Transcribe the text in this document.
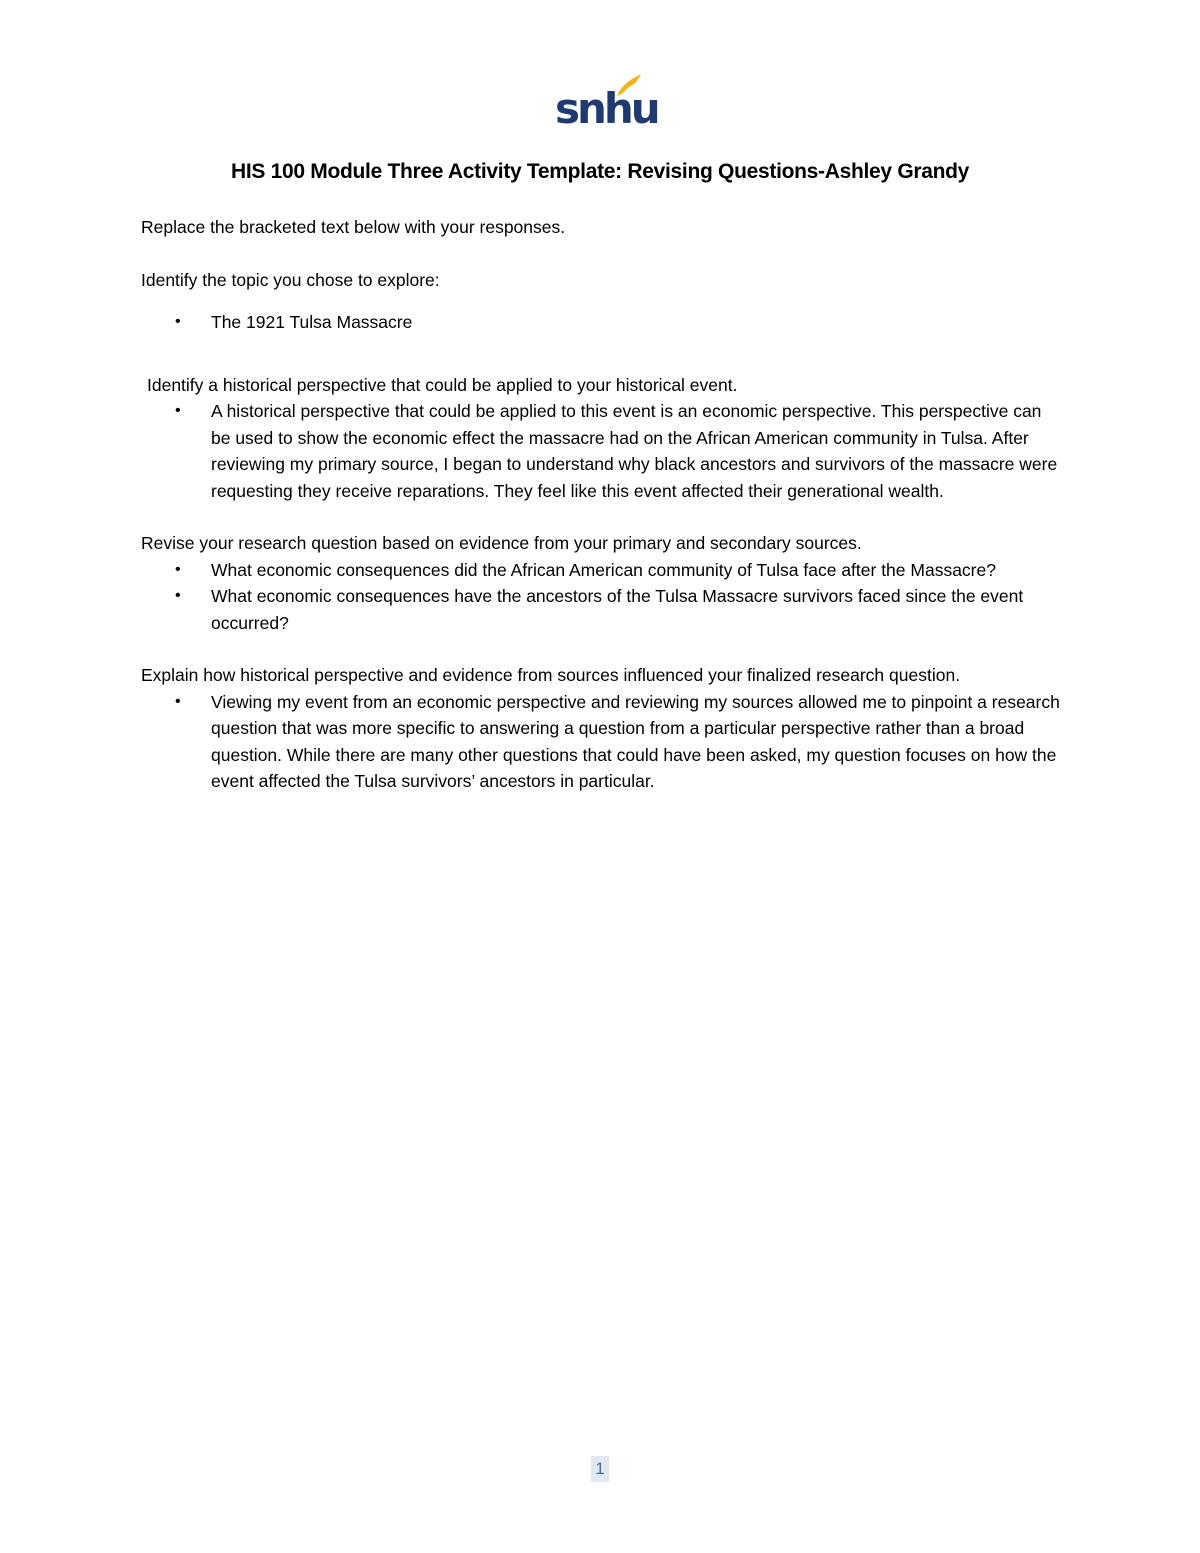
snhu
HIS 100 Module Three Activity Template: Revising Questions-Ashley Grandy

Replace the bracketed text below with your responses.

Identify the topic you chose to explore:

• The 1921 Tulsa Massacre

Identify a historical perspective that could be applied to your historical event.

• A historical perspective that could be applied to this event is an economic perspective. This perspective can be used to show the economic effect the massacre had on the African American community in Tulsa. After reviewing my primary source, I began to understand why black ancestors and survivors of the massacre were requesting they receive reparations. They feel like this event affected their generational wealth.

Revise your research question based on evidence from your primary and secondary sources.

• What economic consequences did the African American community of Tulsa face after the Massacre?
• What economic consequences have the ancestors of the Tulsa Massacre survivors faced since the event occurred?

Explain how historical perspective and evidence from sources influenced your finalized research question.

• Viewing my event from an economic perspective and reviewing my sources allowed me to pinpoint a research question that was more specific to answering a question from a particular perspective rather than a broad question. While there are many other questions that could have been asked, my question focuses on how the event affected the Tulsa survivors’ ancestors in particular.
1
